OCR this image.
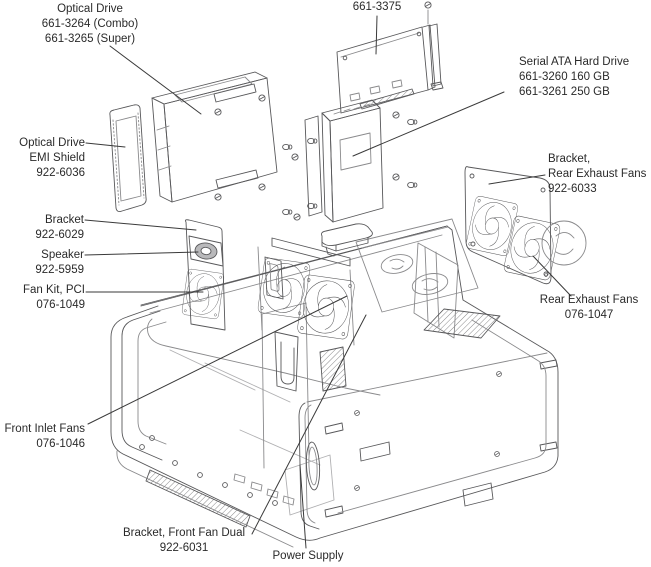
Optical Drive
661-3264 (Combo)
661-3265 (Super)
661-3375
Serial ATA Hard Drive
661-3260 160 GB
661-3261 250 GB
Bracket,
Rear Exhaust Fans
922-6033
Rear Exhaust Fans
076-1047
Optical Drive
EMI Shield
922-6036
Bracket
922-6029
Speaker
922-5959
Fan Kit, PCI
076-1049
Front Inlet Fans
076-1046
Bracket, Front Fan Dual
922-6031
Power Supply
